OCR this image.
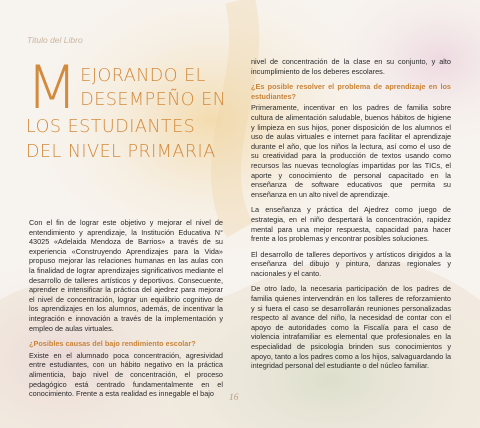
Titulo del Libro
M EJORANDO EL
DESEMPEÑO EN
LOS ESTUDIANTES
DEL NIVEL PRIMARIA

Con el fin de lograr este objetivo y mejorar el nivel de entendimiento y aprendizaje, la Institución Educativa N° 43025 «Adelaida Mendoza de Barrios» a través de su experiencia «Construyendo Aprendizajes para la Vida» propuso mejorar las relaciones humanas en las aulas con la finalidad de lograr aprendizajes significativos mediante el desarrollo de talleres artísticos y deportivos. Consecuente, aprender e intensificar la práctica del ajedrez para mejorar el nivel de concentración, lograr un equilibrio cognitivo de los aprendizajes en los alumnos, además, de incentivar la integración e innovación a través de la implementación y empleo de aulas virtuales.

¿Posibles causas del bajo rendimiento escolar?

Existe en el alumnado poca concentración, agresividad entre estudiantes, con un hábito negativo en la práctica alimenticia, bajo nivel de concentración, el proceso pedagógico está centrado fundamentalmente en el conocimiento. Frente a esta realidad es innegable el bajo

nivel de concentración de la clase en su conjunto, y alto incumplimiento de los deberes escolares.

¿Es posible resolver el problema de aprendizaje en los estudiantes?

Primeramente, incentivar en los padres de familia sobre cultura de alimentación saludable, buenos hábitos de higiene y limpieza en sus hijos, poner disposición de los alumnos el uso de aulas virtuales e internet para facilitar el aprendizaje durante el año, que los niños la lectura, así como el uso de su creatividad para la producción de textos usando como recursos las nuevas tecnologías impartidas por las TICs, el aporte y conocimiento de personal capacitado en la enseñanza de software educativos que permita su enseñanza en un alto nivel de aprendizaje.

La enseñanza y práctica del Ajedrez como juego de estrategia, en el niño despertará la concentración, rapidez mental para una mejor respuesta, capacidad para hacer frente a los problemas y encontrar posibles soluciones.

El desarrollo de talleres deportivos y artísticos dirigidos a la enseñanza del dibujo y pintura, danzas regionales y nacionales y el canto.

De otro lado, la necesaria participación de los padres de familia quienes intervendrán en los talleres de reforzamiento y si fuera el caso se desarrollarán reuniones personalizadas respecto al avance del niño, la necesidad de contar con el apoyo de autoridades como la Fiscalía para el caso de violencia intrafamiliar es elemental que profesionales en la especialidad de psicología brinden sus conocimientos y apoyo, tanto a los padres como a los hijos, salvaguardando la integridad personal del estudiante o del núcleo familiar.

16
